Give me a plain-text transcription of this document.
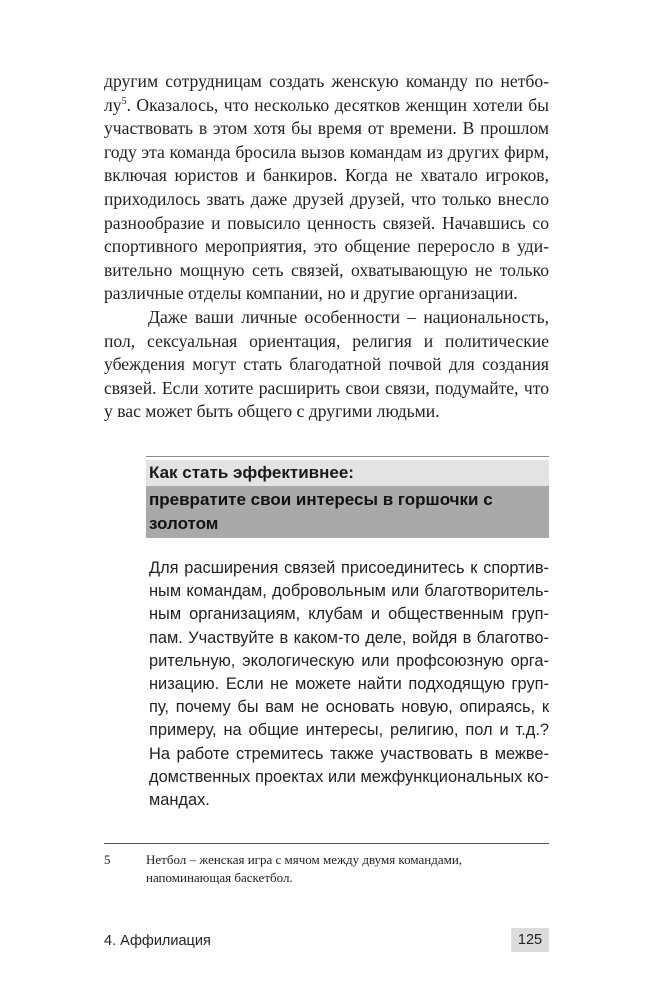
другим сотрудницам создать женскую команду по нетбо-$лу^5$. Оказалось, что несколько десятков женщин хотели бы участвовать в этом хотя бы время от времени. В прошлом году эта команда бросила вызов командам из других фирм, включая юристов и банкиров. Когда не хватало игроков, приходилось звать даже друзей друзей, что только внесло разнообразие и повысило ценность связей. Начавшись со спортивного мероприятия, это общение переросло в уди-вительно мощную сеть связей, охватывающую не только различные отделы компании, но и другие организации.

Даже ваши личные особенности – национальность, пол, сексуальная ориентация, религия и политические убеждения могут стать благодатной почвой для создания связей. Если хотите расширить свои связи, подумайте, что у вас может быть общего с другими людьми.

Как стать эффективнее:
превратите свои интересы в горшочки с золотом
Для расширения связей присоединитесь к спортив-ным командам, добровольным или благотворитель-ным организациям, клубам и общественным груп-пам. Участвуйте в каком-то деле, войдя в благотво-рительную, экологическую или профсоюзную орга-низацию. Если не можете найти подходящую груп-пу, почему бы вам не основать новую, опираясь, к примеру, на общие интересы, религию, пол и т.д.? На работе стремитесь также участвовать в межве-домственных проектах или межфункциональных ко-мандах.
5	Нетбол – женская игра с мячом между двумя командами, напоминающая баскетбол.
4. Аффилиация	125
